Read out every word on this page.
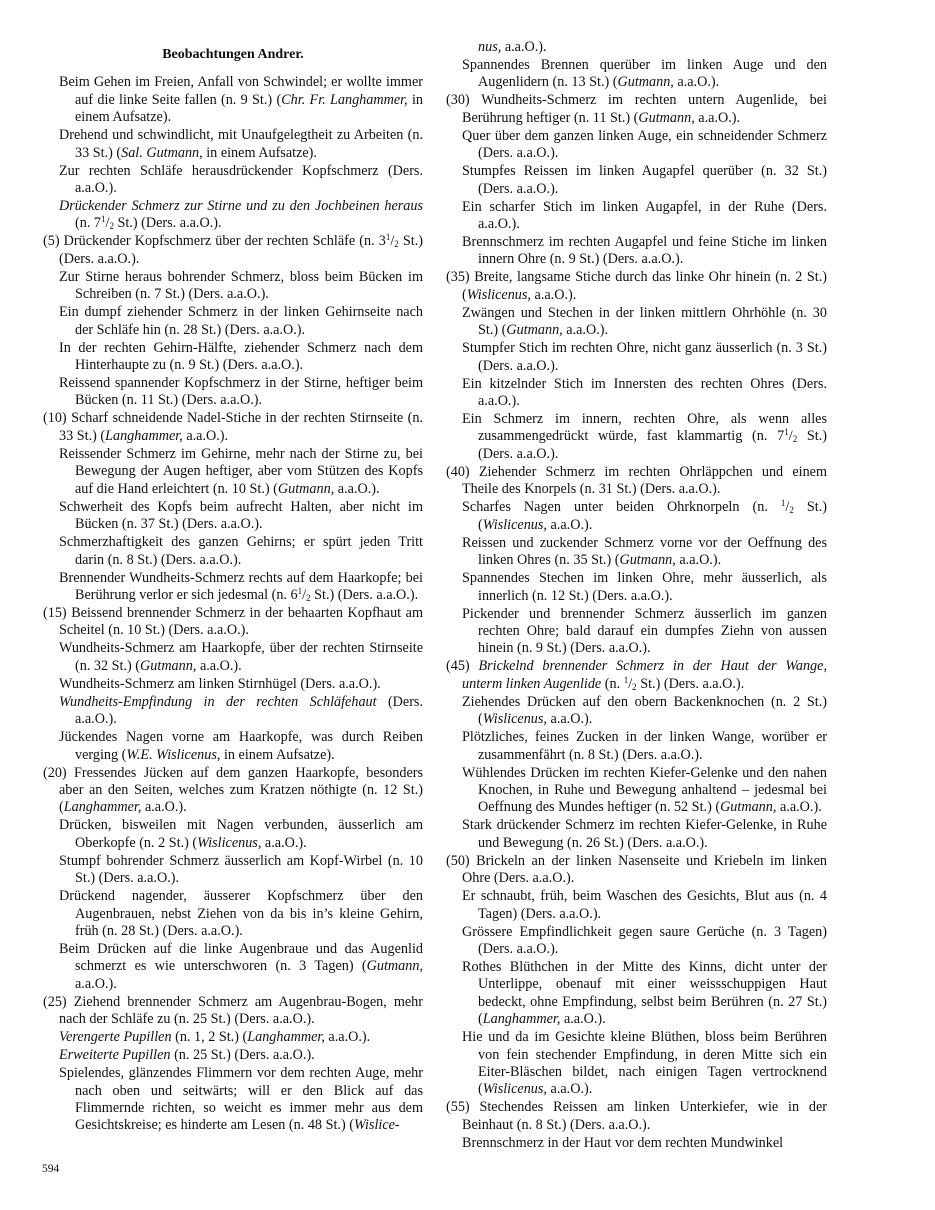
Beobachtungen Andrer.

Beim Gehen im Freien, Anfall von Schwindel; er wollte immer auf die linke Seite fallen (n. 9 St.) (Chr. Fr. Langhammer, in einem Aufsatze).

Drehend und schwindlicht, mit Unaufgelegtheit zu Arbeiten (n. 33 St.) (Sal. Gutmann, in einem Aufsatze).

Zur rechten Schläfe herausdrückender Kopfschmerz (Ders. a.a.O.).

Drückender Schmerz zur Stirne und zu den Jochbeinen heraus (n. $7^1/_2$ St.) (Ders. a.a.O.).

(5) Drückender Kopfschmerz über der rechten Schläfe (n. $3^1/_2$ St.) (Ders. a.a.O.).

Zur Stirne heraus bohrender Schmerz, bloss beim Bücken im Schreiben (n. 7 St.) (Ders. a.a.O.).

Ein dumpf ziehender Schmerz in der linken Gehirnseite nach der Schläfe hin (n. 28 St.) (Ders. a.a.O.).

In der rechten Gehirn-Hälfte, ziehender Schmerz nach dem Hinterhaupte zu (n. 9 St.) (Ders. a.a.O.).

Reissend spannender Kopfschmerz in der Stirne, heftiger beim Bücken (n. 11 St.) (Ders. a.a.O.).

(10) Scharf schneidende Nadel-Stiche in der rechten Stirnseite (n. 33 St.) (Langhammer, a.a.O.).

Reissender Schmerz im Gehirne, mehr nach der Stirne zu, bei Bewegung der Augen heftiger, aber vom Stützen des Kopfs auf die Hand erleichtert (n. 10 St.) (Gutmann, a.a.O.).

Schwerheit des Kopfs beim aufrecht Halten, aber nicht im Bücken (n. 37 St.) (Ders. a.a.O.).

Schmerzhaftigkeit des ganzen Gehirns; er spürt jeden Tritt darin (n. 8 St.) (Ders. a.a.O.).

Brennender Wundheits-Schmerz rechts auf dem Haarkopfe; bei Berührung verlor er sich jedesmal (n. $6^1/_2$ St.) (Ders. a.a.O.).

(15) Beissend brennender Schmerz in der behaarten Kopfhaut am Scheitel (n. 10 St.) (Ders. a.a.O.).

Wundheits-Schmerz am Haarkopfe, über der rechten Stirnseite (n. 32 St.) (Gutmann, a.a.O.).

Wundheits-Schmerz am linken Stirnhügel (Ders. a.a.O.).

Wundheits-Empfindung in der rechten Schläfehaut (Ders. a.a.O.).

Jückendes Nagen vorne am Haarkopfe, was durch Reiben verging (W.E. Wislicenus, in einem Aufsatze).

(20) Fressendes Jücken auf dem ganzen Haarkopfe, besonders aber an den Seiten, welches zum Kratzen nöthigte (n. 12 St.) (Langhammer, a.a.O.).

Drücken, bisweilen mit Nagen verbunden, äusserlich am Oberkopfe (n. 2 St.) (Wislicenus, a.a.O.).

Stumpf bohrender Schmerz äusserlich am Kopf-Wirbel (n. 10 St.) (Ders. a.a.O.).

Drückend nagender, äusserer Kopfschmerz über den Augenbrauen, nebst Ziehen von da bis in’s kleine Gehirn, früh (n. 28 St.) (Ders. a.a.O.).

Beim Drücken auf die linke Augenbraue und das Augenlid schmerzt es wie unterschworen (n. 3 Tagen) (Gutmann, a.a.O.).

(25) Ziehend brennender Schmerz am Augenbrau-Bogen, mehr nach der Schläfe zu (n. 25 St.) (Ders. a.a.O.).

Verengerte Pupillen (n. 1, 2 St.) (Langhammer, a.a.O.).

Erweiterte Pupillen (n. 25 St.) (Ders. a.a.O.).

Spielendes, glänzendes Flimmern vor dem rechten Auge, mehr nach oben und seitwärts; will er den Blick auf das Flimmernde richten, so weicht es immer mehr aus dem Gesichtskreise; es hinderte am Lesen (n. 48 St.) (Wislice-

nus, a.a.O.).

Spannendes Brennen querüber im linken Auge und den Augenlidern (n. 13 St.) (Gutmann, a.a.O.).

(30) Wundheits-Schmerz im rechten untern Augenlide, bei Berührung heftiger (n. 11 St.) (Gutmann, a.a.O.).

Quer über dem ganzen linken Auge, ein schneidender Schmerz (Ders. a.a.O.).

Stumpfes Reissen im linken Augapfel querüber (n. 32 St.) (Ders. a.a.O.).

Ein scharfer Stich im linken Augapfel, in der Ruhe (Ders. a.a.O.).

Brennschmerz im rechten Augapfel und feine Stiche im linken innern Ohre (n. 9 St.) (Ders. a.a.O.).

(35) Breite, langsame Stiche durch das linke Ohr hinein (n. 2 St.) (Wislicenus, a.a.O.).

Zwängen und Stechen in der linken mittlern Ohrhöhle (n. 30 St.) (Gutmann, a.a.O.).

Stumpfer Stich im rechten Ohre, nicht ganz äusserlich (n. 3 St.) (Ders. a.a.O.).

Ein kitzelnder Stich im Innersten des rechten Ohres (Ders. a.a.O.).

Ein Schmerz im innern, rechten Ohre, als wenn alles zusammengedrückt würde, fast klammartig (n. $7^1/_2$ St.) (Ders. a.a.O.).

(40) Ziehender Schmerz im rechten Ohrläppchen und einem Theile des Knorpels (n. 31 St.) (Ders. a.a.O.).

Scharfes Nagen unter beiden Ohrknorpeln (n. $^1/_2$ St.) (Wislicenus, a.a.O.).

Reissen und zuckender Schmerz vorne vor der Oeffnung des linken Ohres (n. 35 St.) (Gutmann, a.a.O.).

Spannendes Stechen im linken Ohre, mehr äusserlich, als innerlich (n. 12 St.) (Ders. a.a.O.).

Pickender und brennender Schmerz äusserlich im ganzen rechten Ohre; bald darauf ein dumpfes Ziehn von aussen hinein (n. 9 St.) (Ders. a.a.O.).

(45) Brickelnd brennender Schmerz in der Haut der Wange, unterm linken Augenlide (n. $^1/_2$ St.) (Ders. a.a.O.).

Ziehendes Drücken auf den obern Backenknochen (n. 2 St.) (Wislicenus, a.a.O.).

Plötzliches, feines Zucken in der linken Wange, worüber er zusammenfährt (n. 8 St.) (Ders. a.a.O.).

Wühlendes Drücken im rechten Kiefer-Gelenke und den nahen Knochen, in Ruhe und Bewegung anhaltend – jedesmal bei Oeffnung des Mundes heftiger (n. 52 St.) (Gutmann, a.a.O.).

Stark drückender Schmerz im rechten Kiefer-Gelenke, in Ruhe und Bewegung (n. 26 St.) (Ders. a.a.O.).

(50) Brickeln an der linken Nasenseite und Kriebeln im linken Ohre (Ders. a.a.O.).

Er schnaubt, früh, beim Waschen des Gesichts, Blut aus (n. 4 Tagen) (Ders. a.a.O.).

Grössere Empfindlichkeit gegen saure Gerüche (n. 3 Tagen) (Ders. a.a.O.).

Rothes Blüthchen in der Mitte des Kinns, dicht unter der Unterlippe, obenauf mit einer weissschuppigen Haut bedeckt, ohne Empfindung, selbst beim Berühren (n. 27 St.) (Langhammer, a.a.O.).

Hie und da im Gesichte kleine Blüthen, bloss beim Berühren von fein stechender Empfindung, in deren Mitte sich ein Eiter-Bläschen bildet, nach einigen Tagen vertrocknend (Wislicenus, a.a.O.).

(55) Stechendes Reissen am linken Unterkiefer, wie in der Beinhaut (n. 8 St.) (Ders. a.a.O.).

Brennschmerz in der Haut vor dem rechten Mundwinkel

594
